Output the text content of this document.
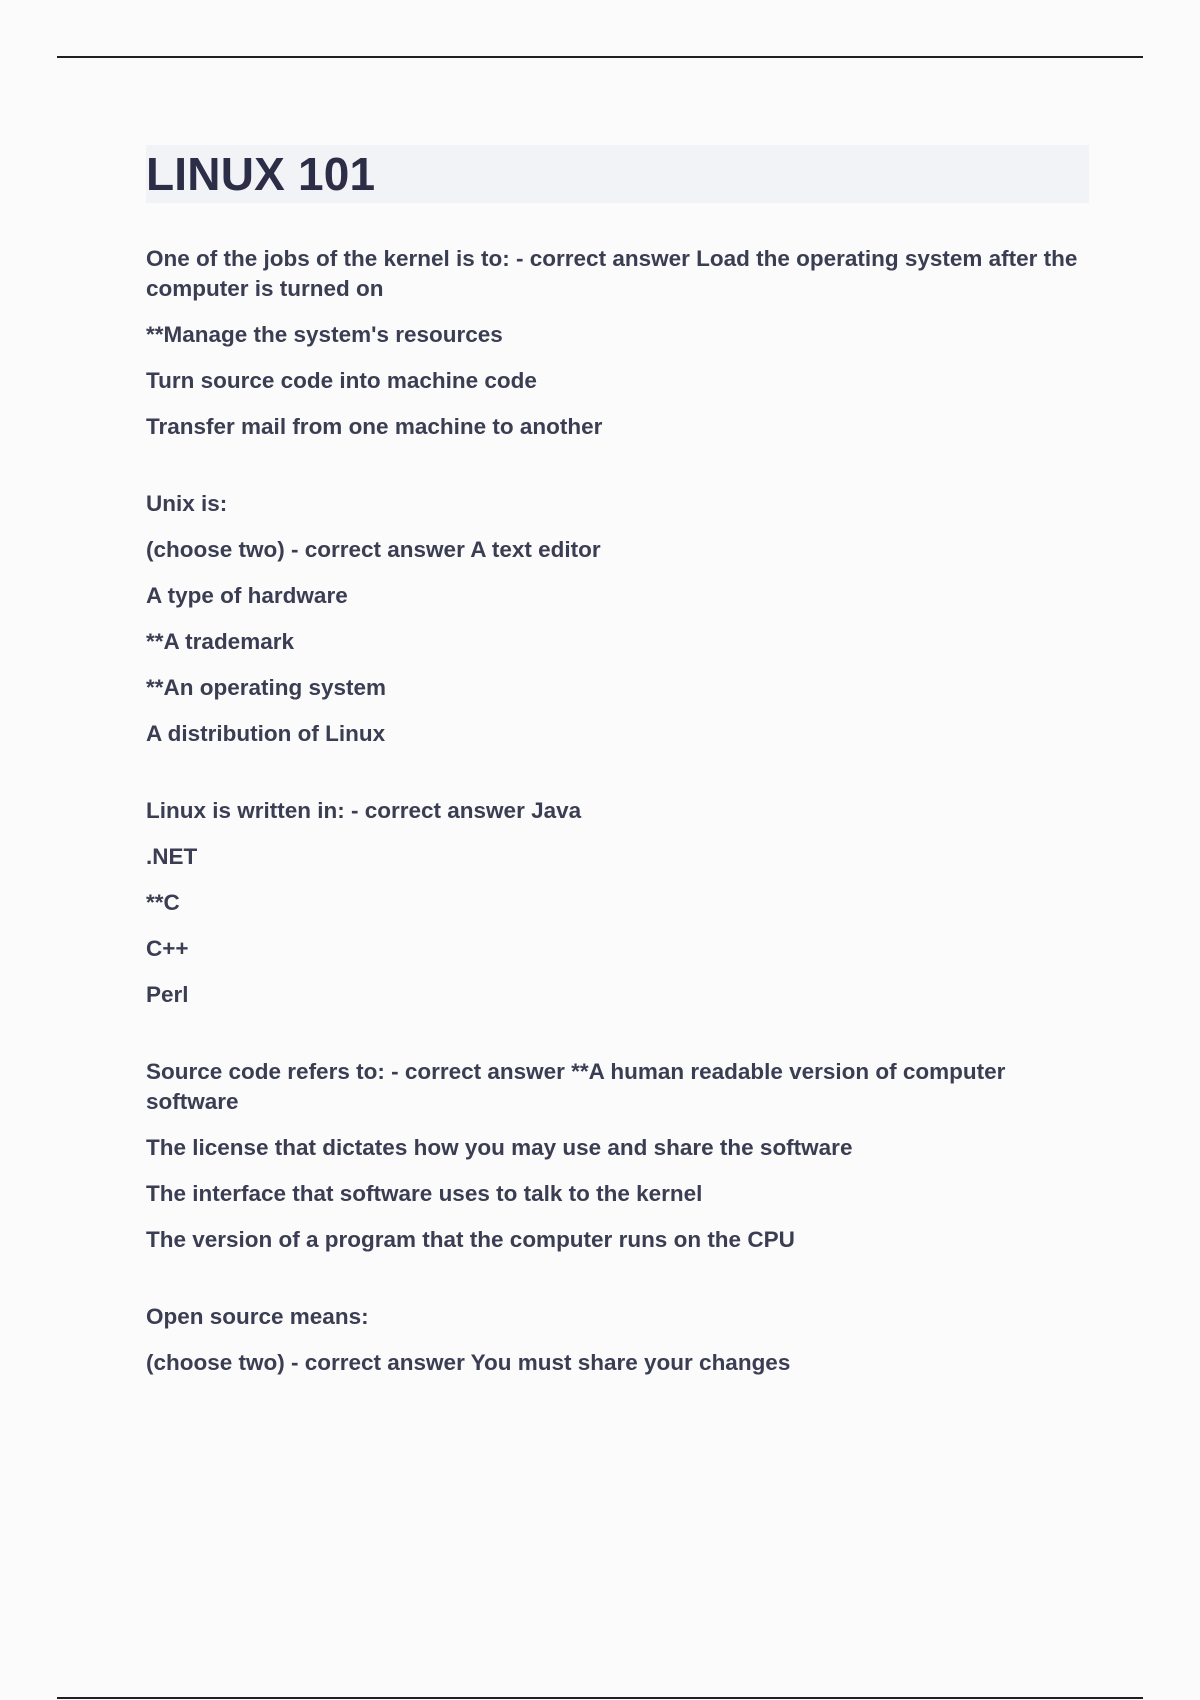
LINUX 101

One of the jobs of the kernel is to: - correct answer Load the operating system after the computer is turned on

**Manage the system's resources

Turn source code into machine code

Transfer mail from one machine to another

Unix is:

(choose two) - correct answer A text editor

A type of hardware

**A trademark

**An operating system

A distribution of Linux

Linux is written in: - correct answer Java

.NET

**C

C++

Perl

Source code refers to: - correct answer **A human readable version of computer software

The license that dictates how you may use and share the software

The interface that software uses to talk to the kernel

The version of a program that the computer runs on the CPU

Open source means:

(choose two) - correct answer You must share your changes
